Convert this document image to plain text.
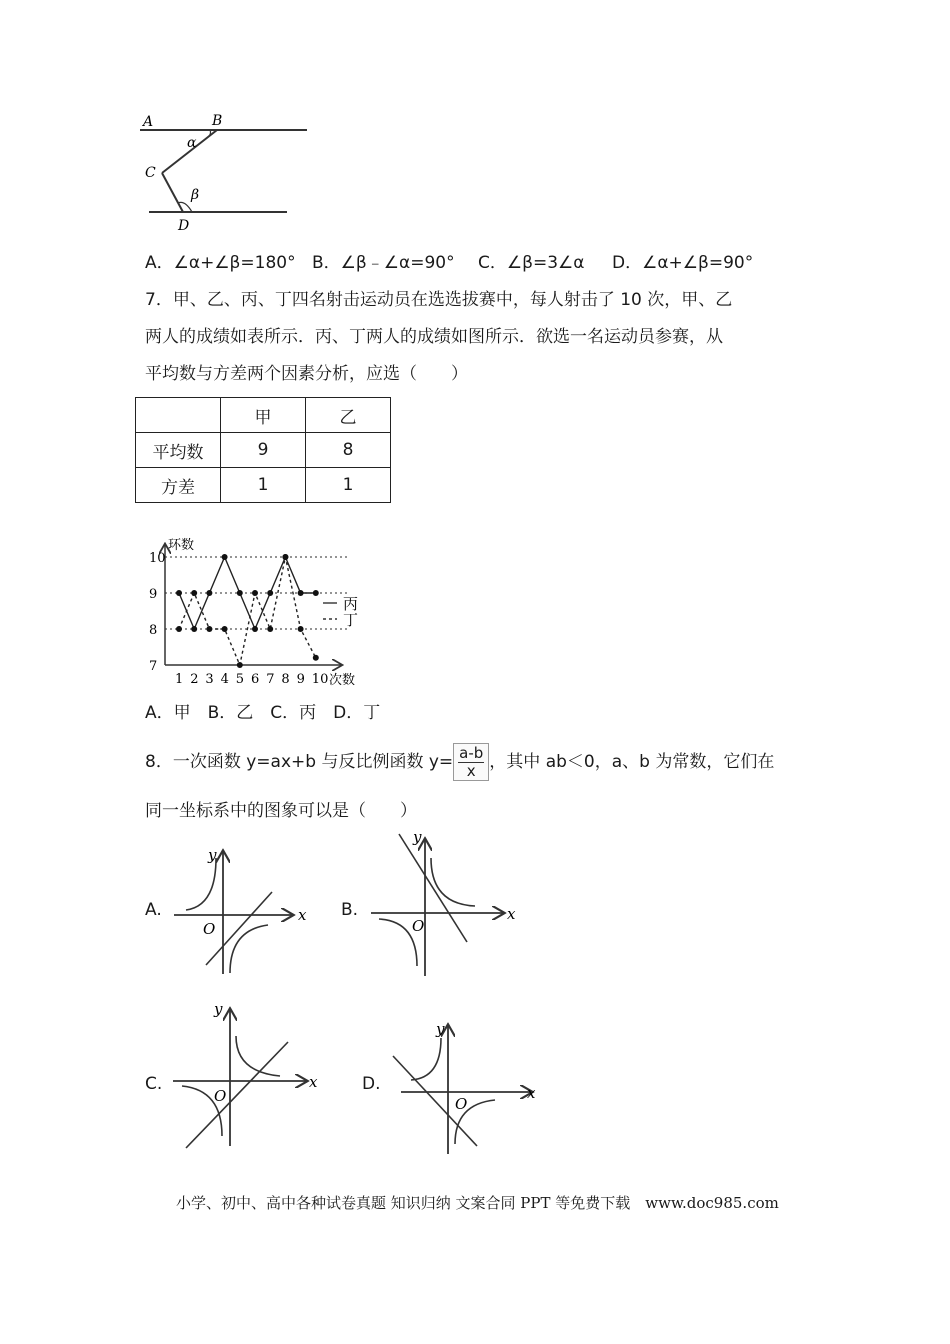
A	B
α
C
β
D
A．∠α+∠β=180° B．∠β﹣∠α=90° C．∠β=3∠α D．∠α+∠β=90°
7．甲、乙、丙、丁四名射击运动员在选选拔赛中，每人射击了 10 次，甲、乙
两人的成绩如表所示．丙、丁两人的成绩如图所示．欲选一名运动员参赛，从
平均数与方差两个因素分析，应选（　　）
	甲	乙
平均数	9	8
方差	1	1
7
8
9
10
1 2 3 4 5 6 7 8 9 10
环数
次数
丙
丁
A．甲　B．乙　C．丙　D．丁
8．一次函数 y=ax+b 与反比例函数 $y= \frac{a-b}{x}$ ，其中 ab＜0，a、b 为常数，它们在
同一坐标系中的图象可以是（　　）
A.	x
y
O
B.	x
y
O
C.	x
y
O
D.	x
y
O
小学、初中、高中各种试卷真题 知识归纳 文案合同 PPT 等免费下载　www.doc985.com
